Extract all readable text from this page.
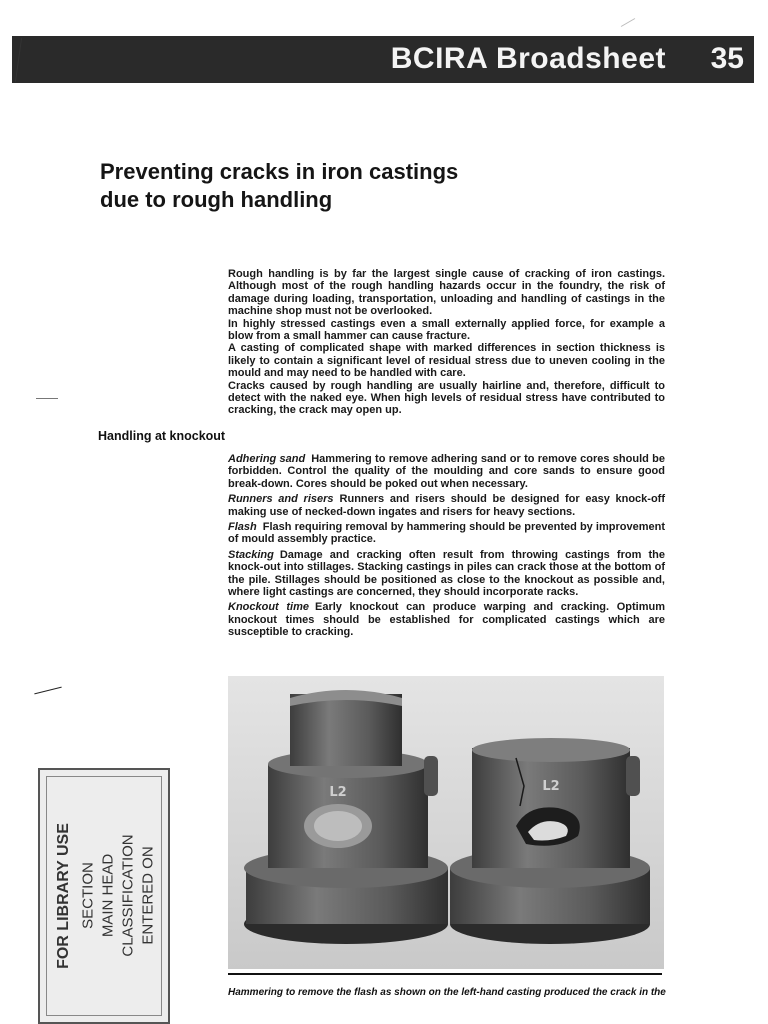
BCIRA Broadsheet 35
Preventing cracks in iron castings
due to rough handling

Rough handling is by far the largest single cause of cracking of iron castings. Although most of the rough handling hazards occur in the foundry, the risk of damage during loading, transportation, unloading and handling of castings in the machine shop must not be overlooked.

In highly stressed castings even a small externally applied force, for example a blow from a small hammer can cause fracture.

A casting of complicated shape with marked differences in section thickness is likely to contain a significant level of residual stress due to uneven cooling in the mould and may need to be handled with care.

Cracks caused by rough handling are usually hairline and, therefore, difficult to detect with the naked eye. When high levels of residual stress have contributed to cracking, the crack may open up.

Handling at knockout

Adhering sand Hammering to remove adhering sand or to remove cores should be forbidden. Control the quality of the moulding and core sands to ensure good break-down. Cores should be poked out when necessary.

Runners and risers Runners and risers should be designed for easy knock-off making use of necked-down ingates and risers for heavy sections.

Flash Flash requiring removal by hammering should be prevented by improvement of mould assembly practice.

Stacking Damage and cracking often result from throwing castings from the knock-out into stillages. Stacking castings in piles can crack those at the bottom of the pile. Stillages should be positioned as close to the knockout as possible and, where light castings are concerned, they should incorporate racks.

Knockout time Early knockout can produce warping and cracking. Optimum knockout times should be established for complicated castings which are susceptible to cracking.

L2	L2
Hammering to remove the flash as shown on the left-hand casting produced the crack in the
FOR LIBRARY USE SECTION MAIN HEAD CLASSIFICATION ENTERED ON
